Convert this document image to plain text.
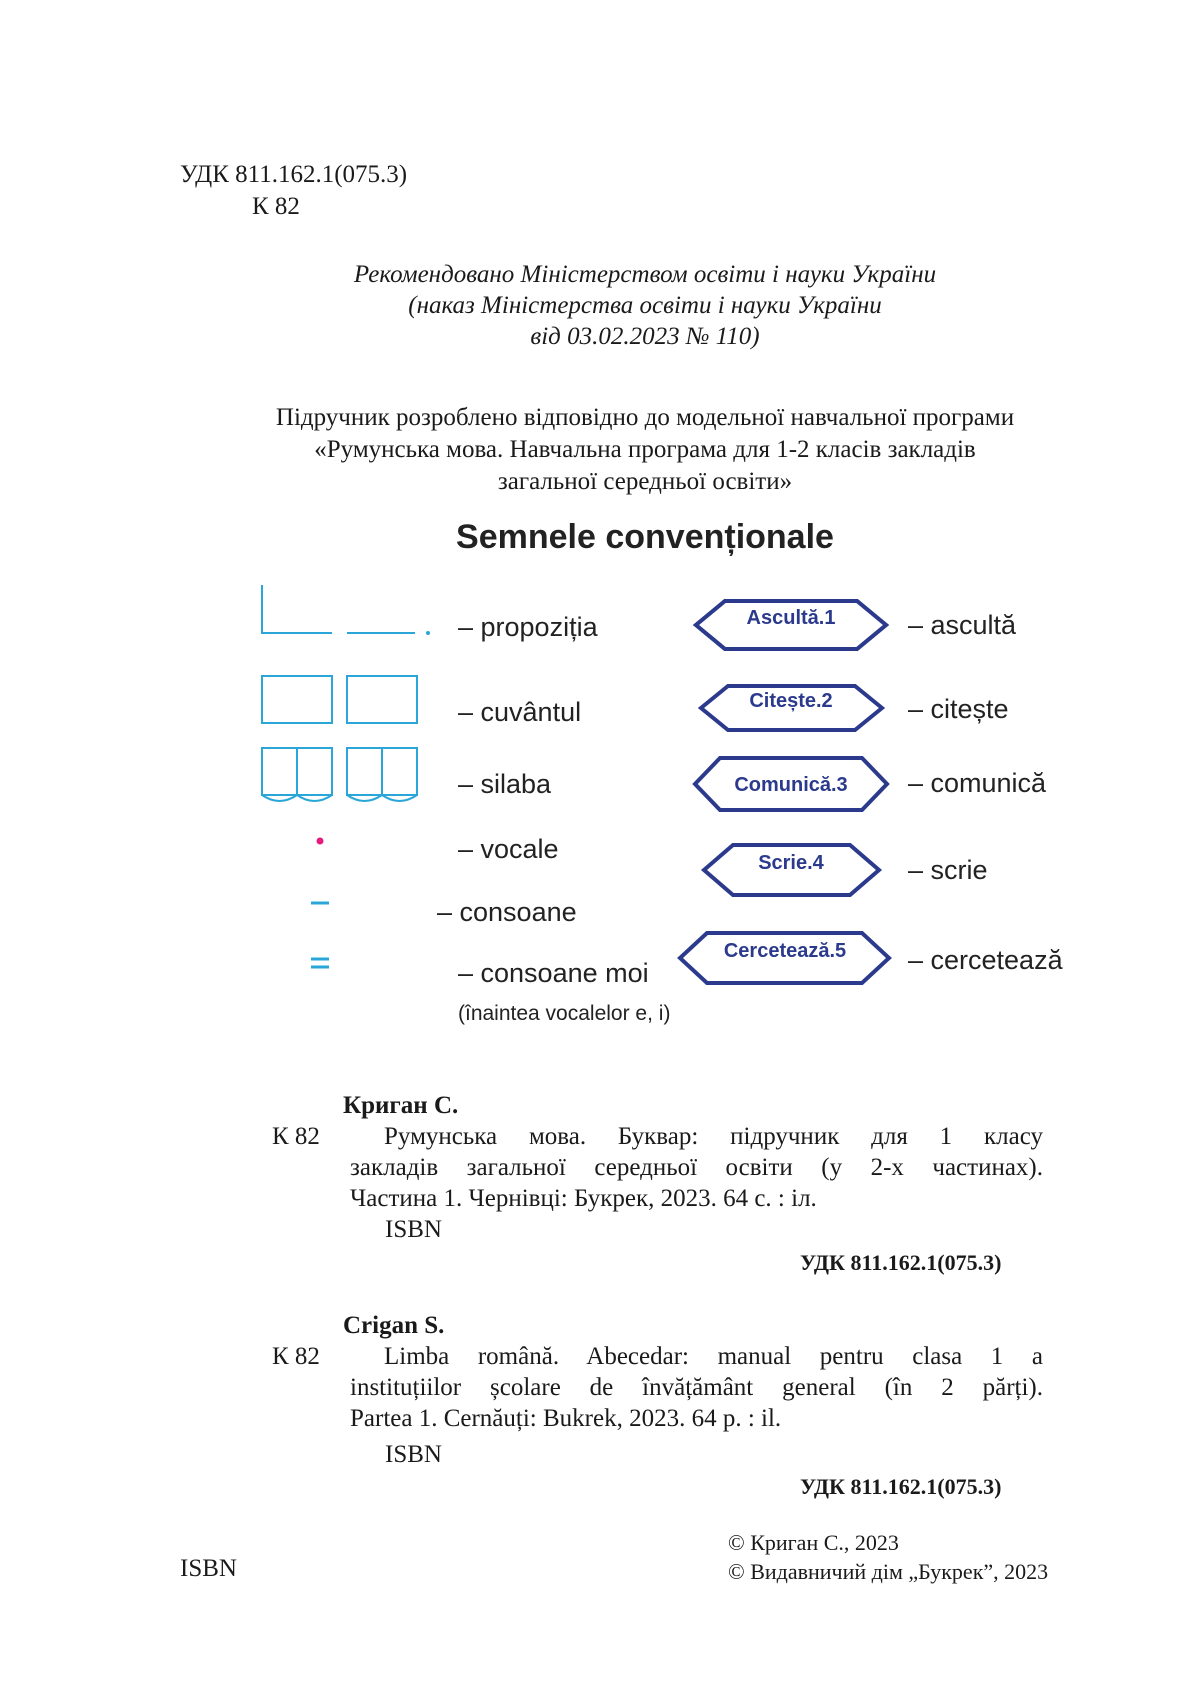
УДК 811.162.1(075.3)
К 82
Рекомендовано Міністерством освіти і науки України
(наказ Міністерства освіти і науки України
від 03.02.2023 № 110)
Підручник розроблено відповідно до модельної навчальної програми
«Румунська мова. Навчальна програма для 1-2 класів закладів
загальної середньої освіти»
Semnele convenționale
– propoziția
– cuvântul
– silaba
– vocale
– consoane
– consoane moi
(înaintea vocalelor e, i)
Ascultă.1
Citește.2
Comunică.3
Scrie.4
Cercetează.5
– ascultă
– citește
– comunică
– scrie
– cercetează
Криган С.
К 82	Румунська мова. Буквар: підручник для 1 класу
закладів загальної середньої освіти (у 2-х частинах).
Частина 1. Чернівці: Букрек, 2023. 64 с. : іл.
ISBN
УДК 811.162.1(075.3)
Crigan S.
К 82	Limba română. Abecedar: manual pentru clasa 1 a
instituțiilor școlare de învățământ general (în 2 părți).
Partea 1. Cernăuți: Bukrek, 2023. 64 p. : il.
ISBN
УДК 811.162.1(075.3)
ISBN
© Криган С., 2023
© Видавничий дім „Букрек”, 2023
